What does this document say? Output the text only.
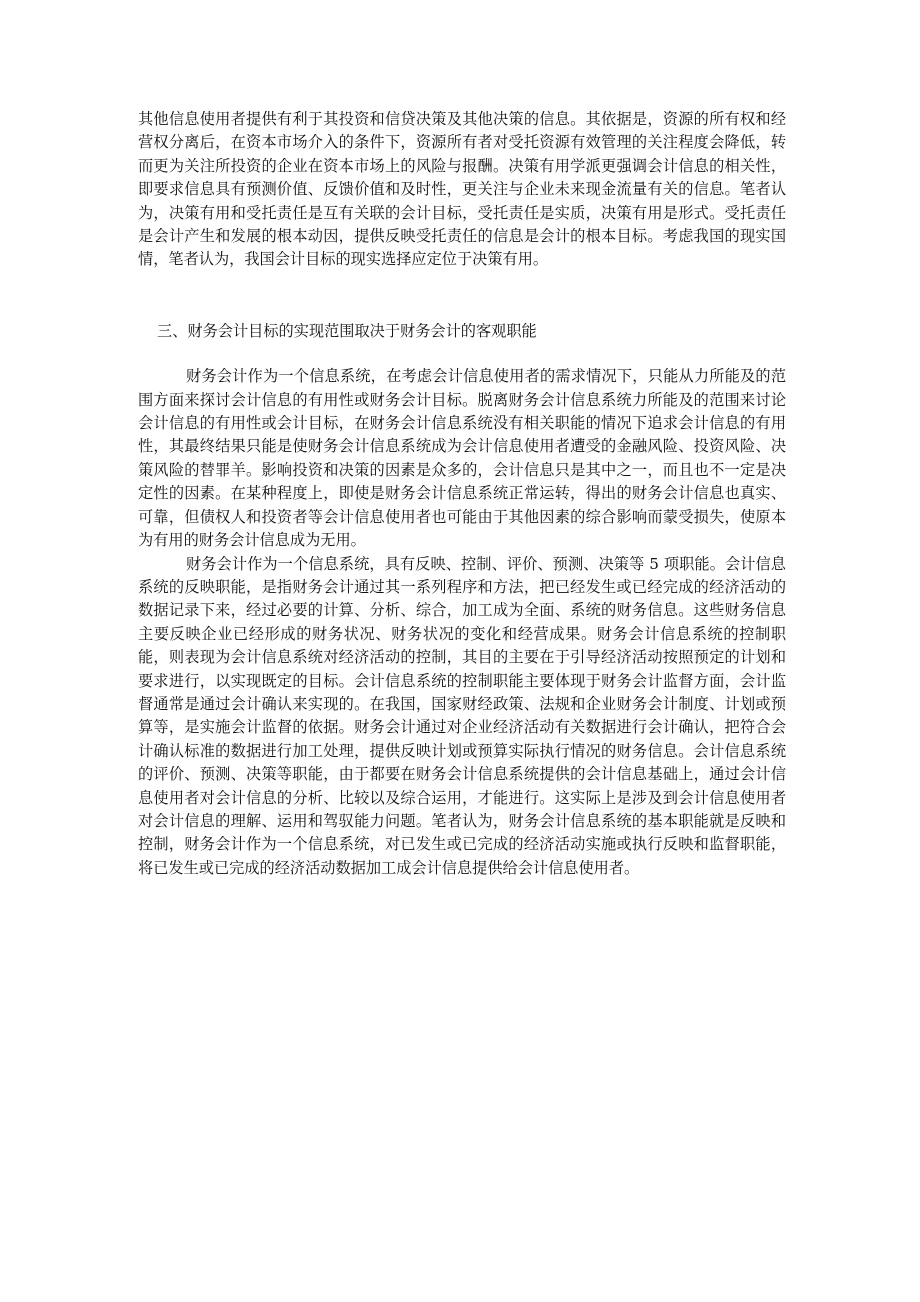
其他信息使用者提供有利于其投资和信贷决策及其他决策的信息。其依据是，资源的所有权和经营权分离后，在资本市场介入的条件下，资源所有者对受托资源有效管理的关注程度会降低，转而更为关注所投资的企业在资本市场上的风险与报酬。决策有用学派更强调会计信息的相关性，即要求信息具有预测价值、反馈价值和及时性，更关注与企业未来现金流量有关的信息。笔者认为，决策有用和受托责任是互有关联的会计目标，受托责任是实质，决策有用是形式。受托责任是会计产生和发展的根本动因，提供反映受托责任的信息是会计的根本目标。考虑我国的现实国情，笔者认为，我国会计目标的现实选择应定位于决策有用。

三、财务会计目标的实现范围取决于财务会计的客观职能

财务会计作为一个信息系统，在考虑会计信息使用者的需求情况下，只能从力所能及的范围方面来探讨会计信息的有用性或财务会计目标。脱离财务会计信息系统力所能及的范围来讨论会计信息的有用性或会计目标，在财务会计信息系统没有相关职能的情况下追求会计信息的有用性，其最终结果只能是使财务会计信息系统成为会计信息使用者遭受的金融风险、投资风险、决策风险的替罪羊。影响投资和决策的因素是众多的，会计信息只是其中之一，而且也不一定是决定性的因素。在某种程度上，即使是财务会计信息系统正常运转，得出的财务会计信息也真实、可靠，但债权人和投资者等会计信息使用者也可能由于其他因素的综合影响而蒙受损失，使原本为有用的财务会计信息成为无用。

财务会计作为一个信息系统，具有反映、控制、评价、预测、决策等 5 项职能。会计信息系统的反映职能，是指财务会计通过其一系列程序和方法，把已经发生或已经完成的经济活动的数据记录下来，经过必要的计算、分析、综合，加工成为全面、系统的财务信息。这些财务信息主要反映企业已经形成的财务状况、财务状况的变化和经营成果。财务会计信息系统的控制职能，则表现为会计信息系统对经济活动的控制，其目的主要在于引导经济活动按照预定的计划和要求进行，以实现既定的目标。会计信息系统的控制职能主要体现于财务会计监督方面，会计监督通常是通过会计确认来实现的。在我国，国家财经政策、法规和企业财务会计制度、计划或预算等，是实施会计监督的依据。财务会计通过对企业经济活动有关数据进行会计确认，把符合会计确认标准的数据进行加工处理，提供反映计划或预算实际执行情况的财务信息。会计信息系统的评价、预测、决策等职能，由于都要在财务会计信息系统提供的会计信息基础上，通过会计信息使用者对会计信息的分析、比较以及综合运用，才能进行。这实际上是涉及到会计信息使用者对会计信息的理解、运用和驾驭能力问题。笔者认为，财务会计信息系统的基本职能就是反映和控制，财务会计作为一个信息系统，对已发生或已完成的经济活动实施或执行反映和监督职能，将已发生或已完成的经济活动数据加工成会计信息提供给会计信息使用者。
